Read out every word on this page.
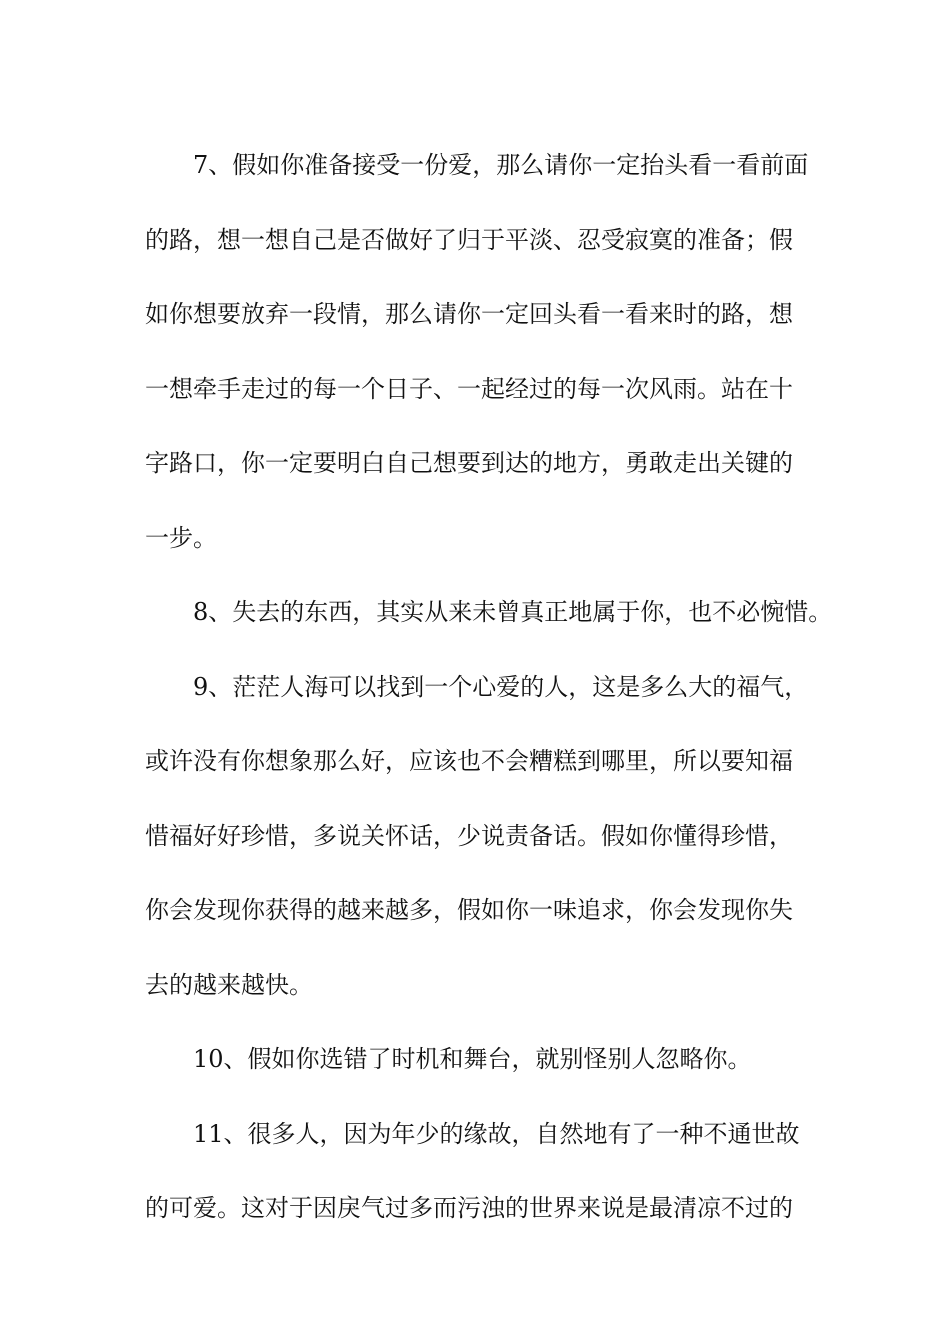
7、假如你准备接受一份爱，那么请你一定抬头看一看前面
的路，想一想自己是否做好了归于平淡、忍受寂寞的准备；假
如你想要放弃一段情，那么请你一定回头看一看来时的路，想
一想牵手走过的每一个日子、一起经过的每一次风雨。站在十
字路口，你一定要明白自己想要到达的地方，勇敢走出关键的
一步。
8、失去的东西，其实从来未曾真正地属于你，也不必惋惜。
9、茫茫人海可以找到一个心爱的人，这是多么大的福气，
或许没有你想象那么好，应该也不会糟糕到哪里，所以要知福
惜福好好珍惜，多说关怀话，少说责备话。假如你懂得珍惜，
你会发现你获得的越来越多，假如你一味追求，你会发现你失
去的越来越快。
10、假如你选错了时机和舞台，就别怪别人忽略你。
11、很多人，因为年少的缘故，自然地有了一种不通世故
的可爱。这对于因戾气过多而污浊的世界来说是最清凉不过的
